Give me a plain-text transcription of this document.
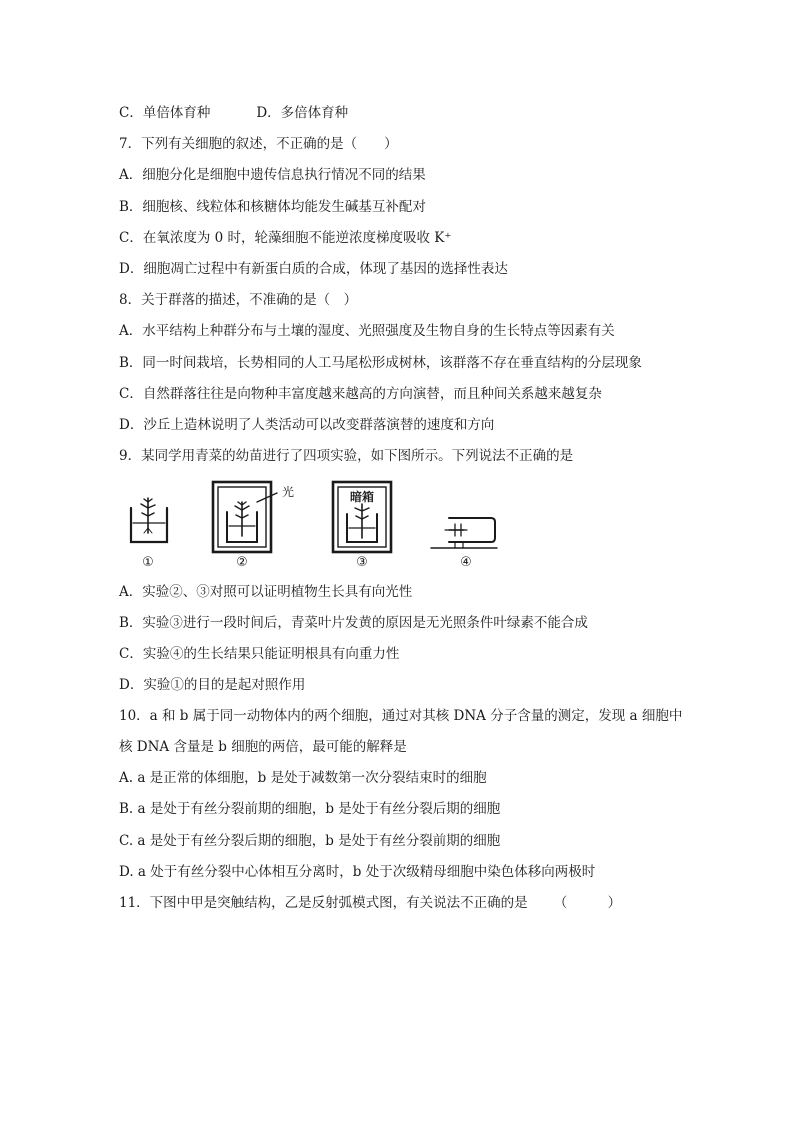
C．单倍体育种	D．多倍体育种
7．下列有关细胞的叙述，不正确的是（　　）
A．细胞分化是细胞中遗传信息执行情况不同的结果
B．细胞核、线粒体和核糖体均能发生碱基互补配对
C．在氧浓度为 0 时，轮藻细胞不能逆浓度梯度吸收 K⁺
D．细胞凋亡过程中有新蛋白质的合成，体现了基因的选择性表达
8．关于群落的描述，不准确的是（　）
A．水平结构上种群分布与土壤的湿度、光照强度及生物自身的生长特点等因素有关
B．同一时间栽培，长势相同的人工马尾松形成树林，该群落不存在垂直结构的分层现象
C．自然群落往往是向物种丰富度越来越高的方向演替，而且种间关系越来越复杂
D．沙丘上造林说明了人类活动可以改变群落演替的速度和方向
9．某同学用青菜的幼苗进行了四项实验，如下图所示。下列说法不正确的是
光	暗箱
①	②	③	④
A．实验②、③对照可以证明植物生长具有向光性
B．实验③进行一段时间后，青菜叶片发黄的原因是无光照条件叶绿素不能合成
C．实验④的生长结果只能证明根具有向重力性
D．实验①的目的是起对照作用
10．a 和 b 属于同一动物体内的两个细胞，通过对其核 DNA 分子含量的测定，发现 a 细胞中
核 DNA 含量是 b 细胞的两倍，最可能的解释是
A. a 是正常的体细胞，b 是处于减数第一次分裂结束时的细胞
B. a 是处于有丝分裂前期的细胞，b 是处于有丝分裂后期的细胞
C. a 是处于有丝分裂后期的细胞，b 是处于有丝分裂前期的细胞
D. a 处于有丝分裂中心体相互分离时，b 处于次级精母细胞中染色体移向两极时
11．下图中甲是突触结构，乙是反射弧模式图，有关说法不正确的是 （　　　）
